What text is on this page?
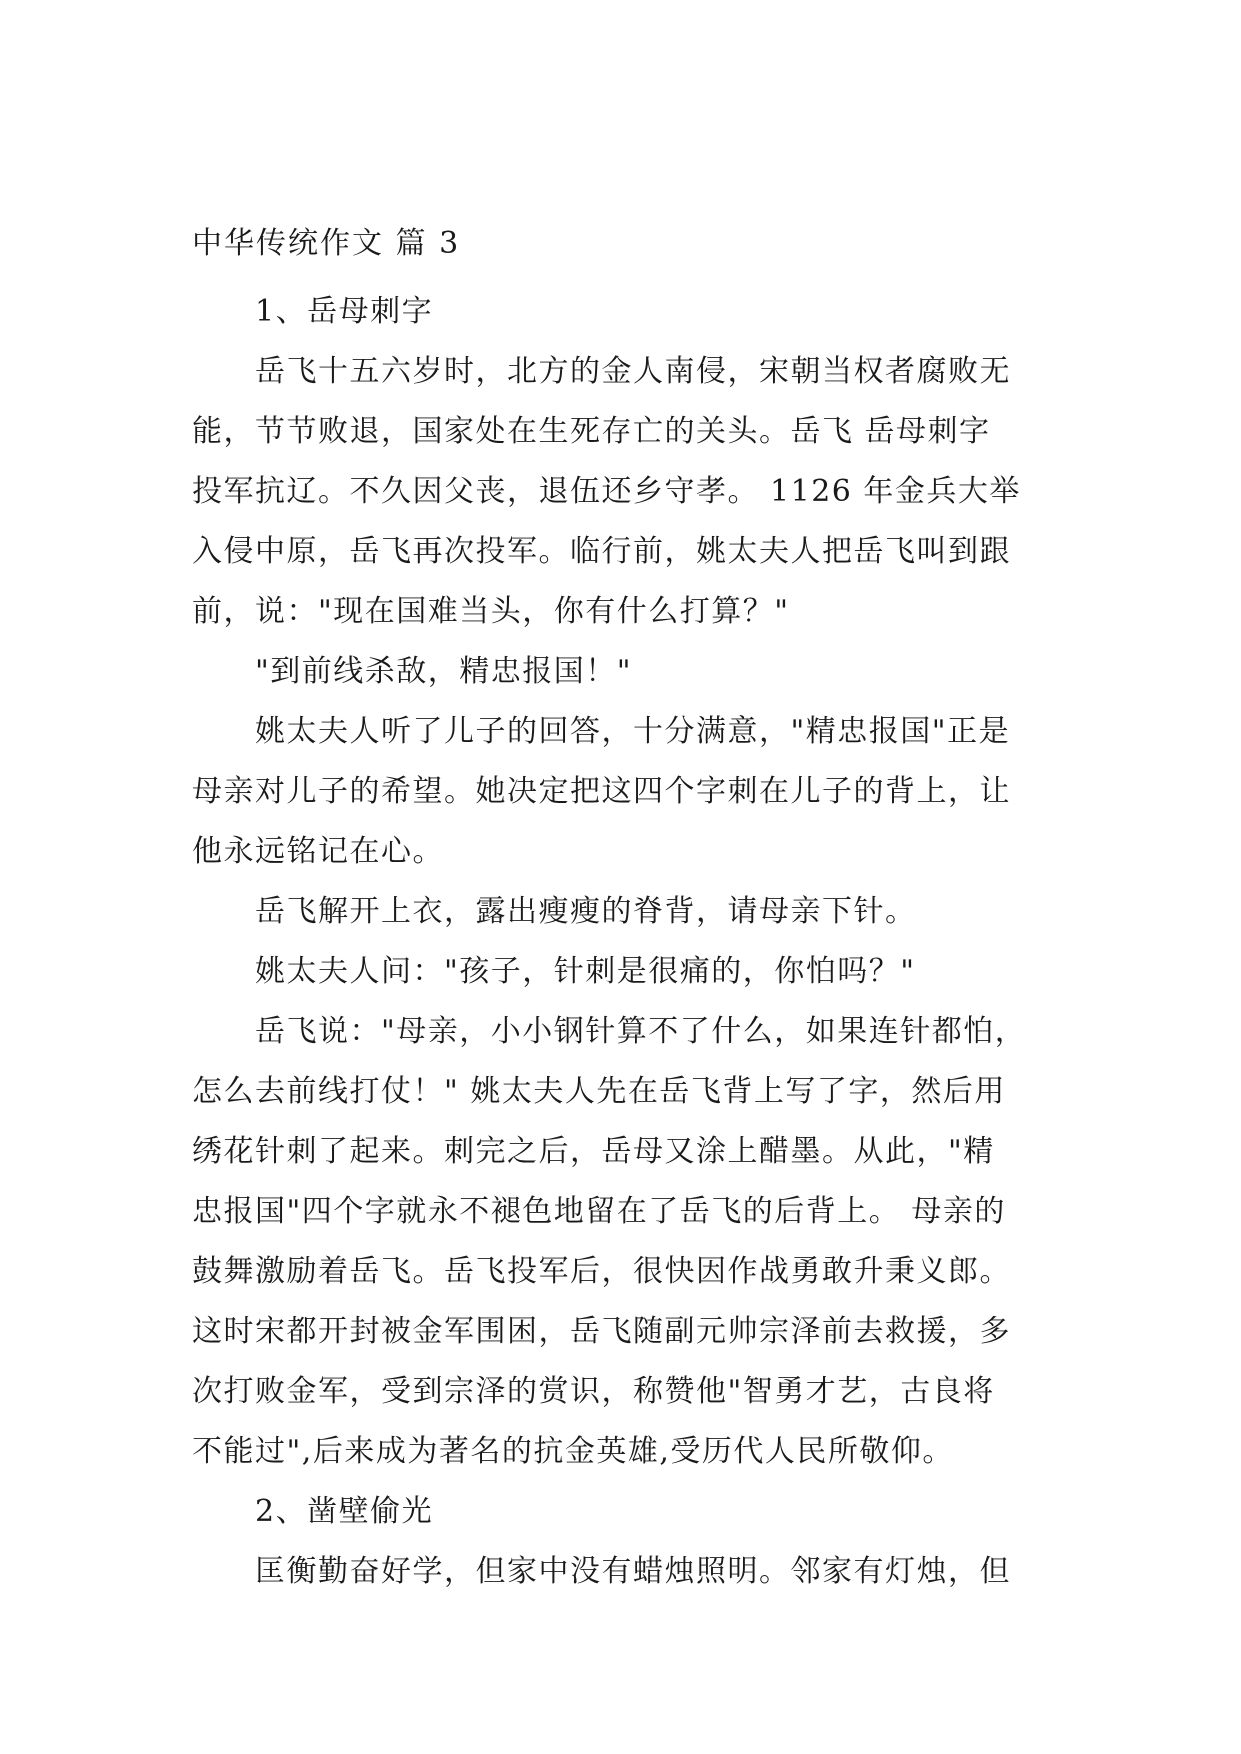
中华传统作文 篇 3
1、岳母刺字
岳飞十五六岁时，北方的金人南侵，宋朝当权者腐败无
能，节节败退，国家处在生死存亡的关头。岳飞 岳母刺字
投军抗辽。不久因父丧，退伍还乡守孝。 1126 年金兵大举
入侵中原，岳飞再次投军。临行前，姚太夫人把岳飞叫到跟
前，说："现在国难当头，你有什么打算？"
"到前线杀敌，精忠报国！"
姚太夫人听了儿子的回答，十分满意，"精忠报国"正是
母亲对儿子的希望。她决定把这四个字刺在儿子的背上，让
他永远铭记在心。
岳飞解开上衣，露出瘦瘦的脊背，请母亲下针。
姚太夫人问："孩子，针刺是很痛的，你怕吗？"
岳飞说："母亲，小小钢针算不了什么，如果连针都怕，
怎么去前线打仗！" 姚太夫人先在岳飞背上写了字，然后用
绣花针刺了起来。刺完之后，岳母又涂上醋墨。从此，"精
忠报国"四个字就永不褪色地留在了岳飞的后背上。 母亲的
鼓舞激励着岳飞。岳飞投军后，很快因作战勇敢升秉义郎。
这时宋都开封被金军围困，岳飞随副元帅宗泽前去救援，多
次打败金军，受到宗泽的赏识，称赞他"智勇才艺，古良将
不能过",后来成为著名的抗金英雄,受历代人民所敬仰。
2、凿壁偷光
匡衡勤奋好学，但家中没有蜡烛照明。邻家有灯烛，但
